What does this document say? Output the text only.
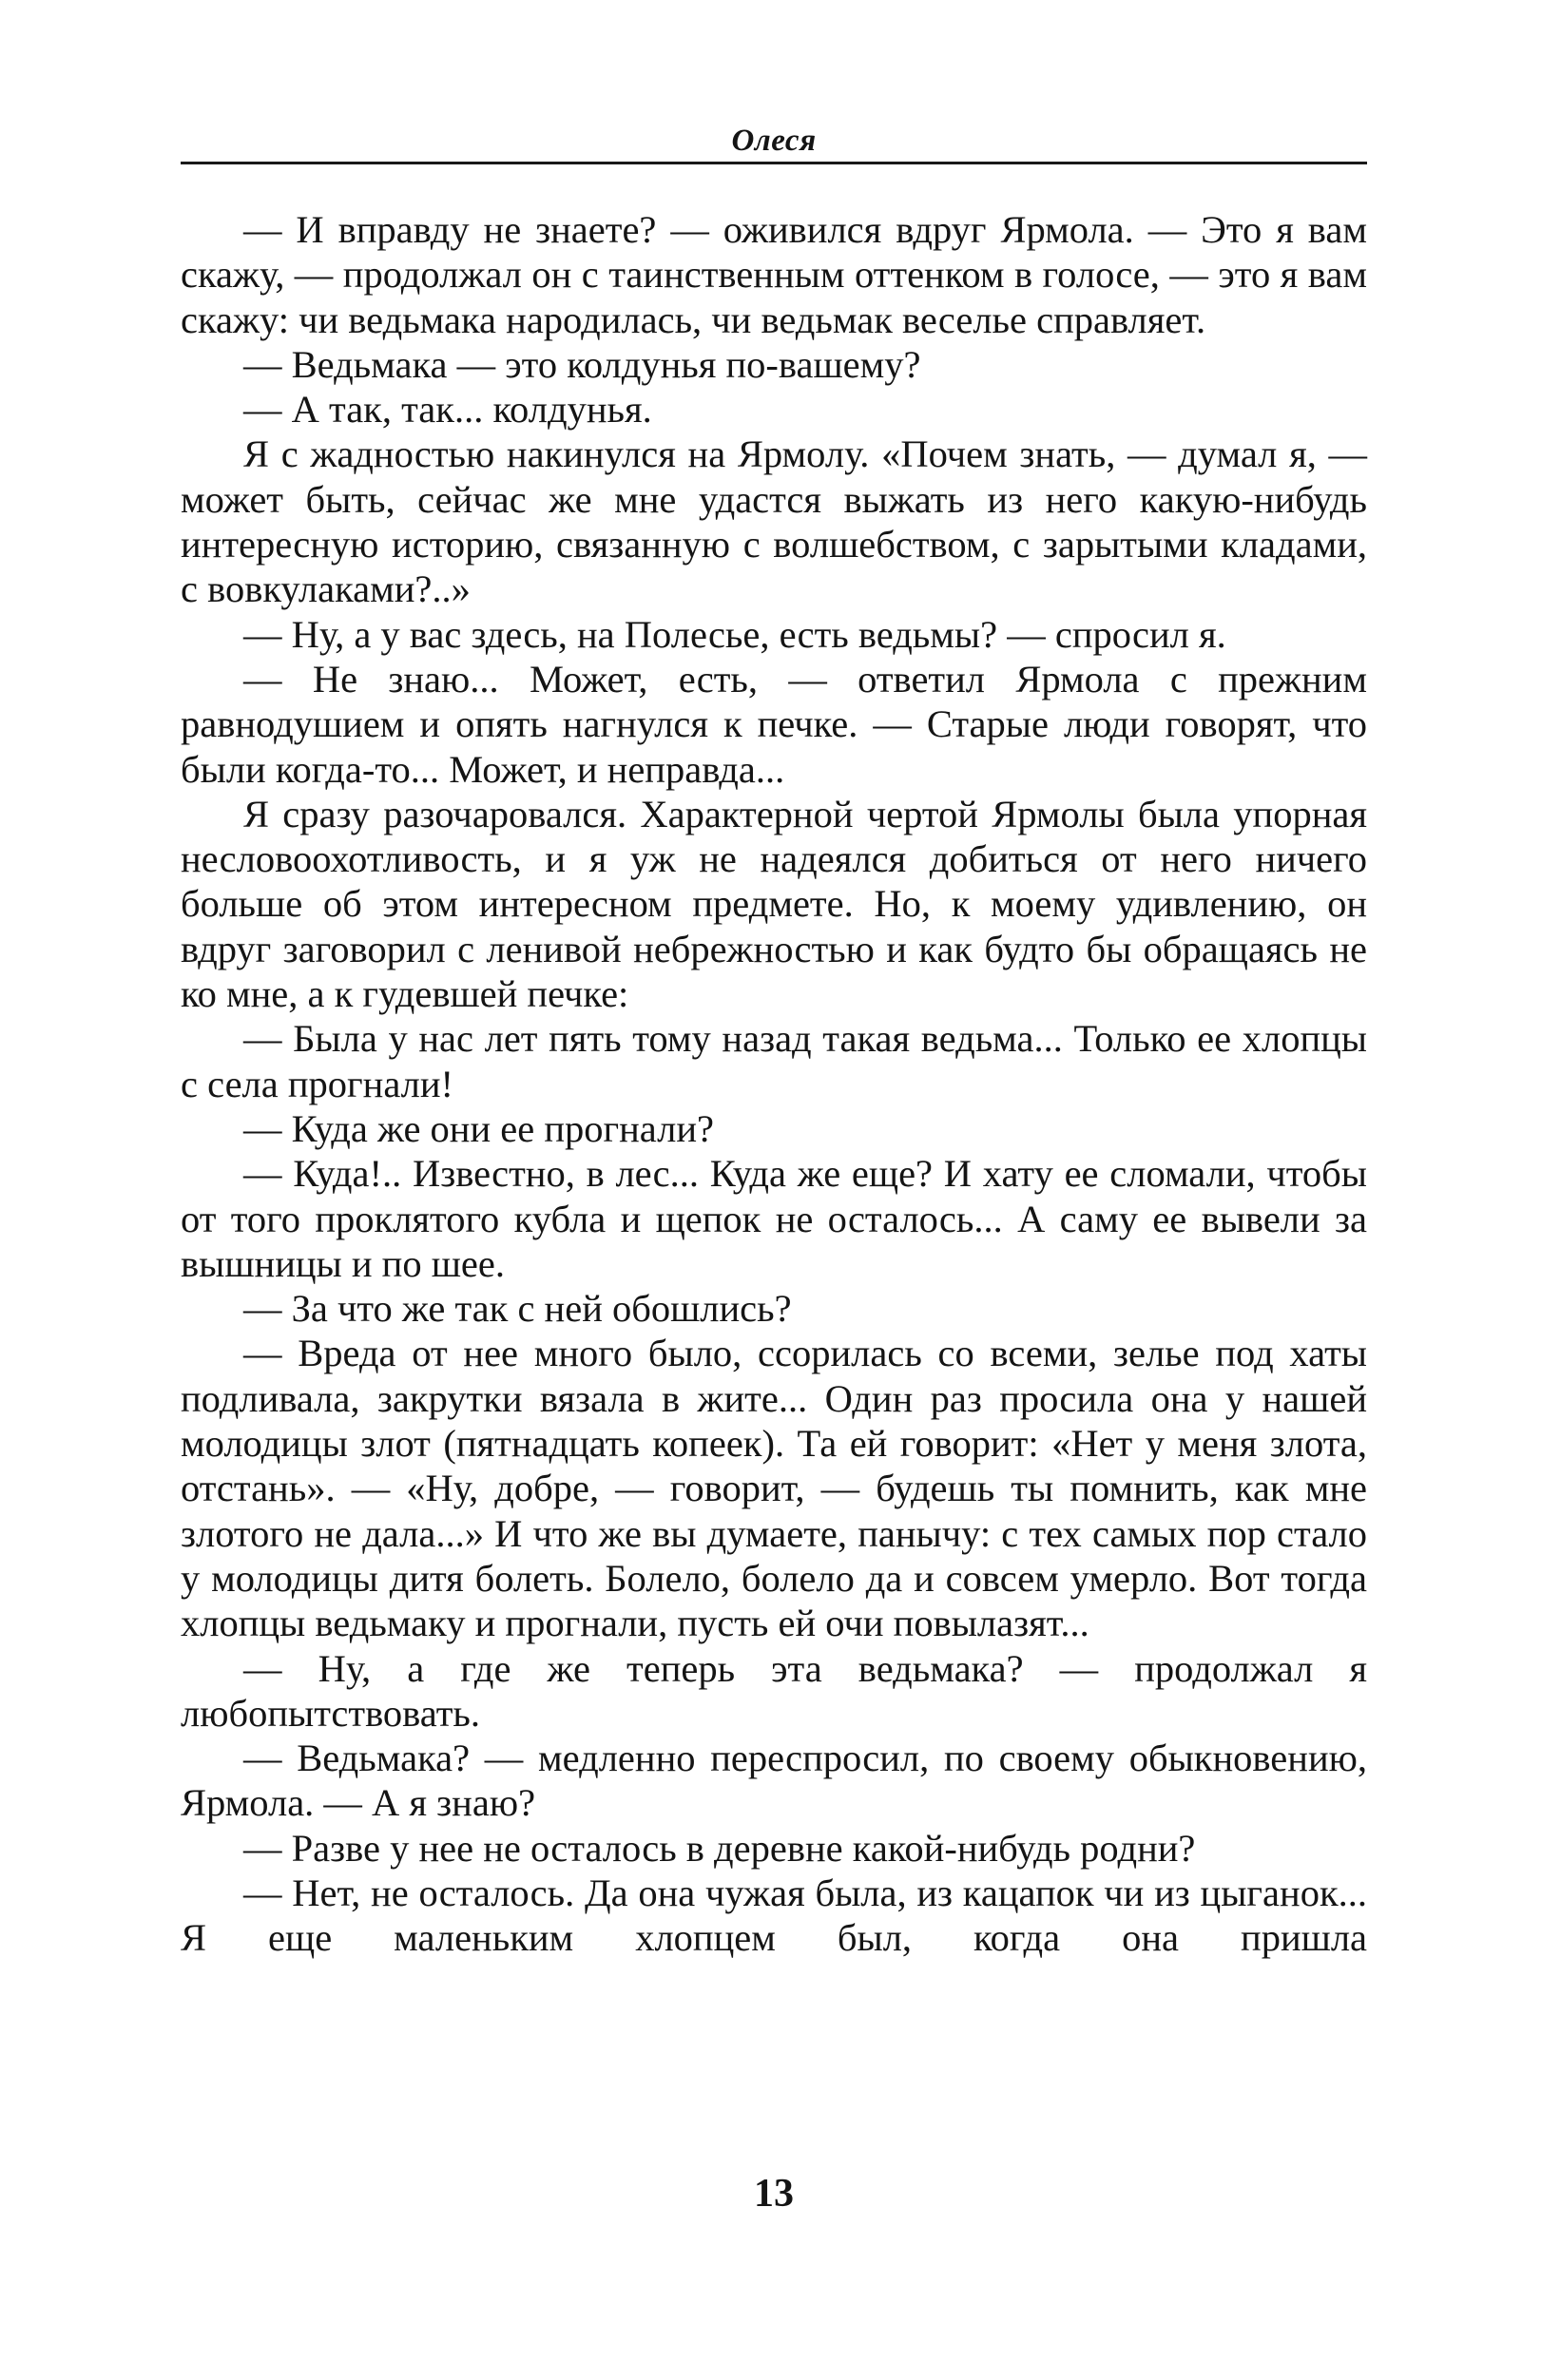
Олеся

— И вправду не знаете? — оживился вдруг Ярмола. — Это я вам скажу, — продолжал он с таинственным оттенком в голосе, — это я вам скажу: чи ведьмака народилась, чи ведьмак веселье справляет.

— Ведьмака — это колдунья по-вашему?

— А так, так... колдунья.

Я с жадностью накинулся на Ярмолу. «Почем знать, — думал я, — может быть, сейчас же мне удастся выжать из него какую-нибудь интересную историю, связанную с волшебством, с зарытыми кладами, с вовкулаками?..»

— Ну, а у вас здесь, на Полесье, есть ведьмы? — спросил я.

— Не знаю... Может, есть, — ответил Ярмола с прежним равнодушием и опять нагнулся к печке. — Старые люди говорят, что были когда-то... Может, и неправда...

Я сразу разочаровался. Характерной чертой Ярмолы была упорная несловоохотливость, и я уж не надеялся добиться от него ничего больше об этом интересном предмете. Но, к моему удивлению, он вдруг заговорил с ленивой небрежностью и как будто бы обращаясь не ко мне, а к гудевшей печке:

— Была у нас лет пять тому назад такая ведьма... Только ее хлопцы с села прогнали!

— Куда же они ее прогнали?

— Куда!.. Известно, в лес... Куда же еще? И хату ее сломали, чтобы от того проклятого кубла и щепок не осталось... А саму ее вывели за вышницы и по шее.

— За что же так с ней обошлись?

— Вреда от нее много было, ссорилась со всеми, зелье под хаты подливала, закрутки вязала в жите... Один раз просила она у нашей молодицы злот (пятнадцать копеек). Та ей говорит: «Нет у меня злота, отстань». — «Ну, добре, — говорит, — будешь ты помнить, как мне злотого не дала...» И что же вы думаете, панычу: с тех самых пор стало у молодицы дитя болеть. Болело, болело да и совсем умерло. Вот тогда хлопцы ведьмаку и прогнали, пусть ей очи повылазят...

— Ну, а где же теперь эта ведьмака? — продолжал я любопытствовать.

— Ведьмака? — медленно переспросил, по своему обыкновению, Ярмола. — А я знаю?

— Разве у нее не осталось в деревне какой-нибудь родни?

— Нет, не осталось. Да она чужая была, из кацапок чи из цыганок... Я еще маленьким хлопцем был, когда она пришла

13
